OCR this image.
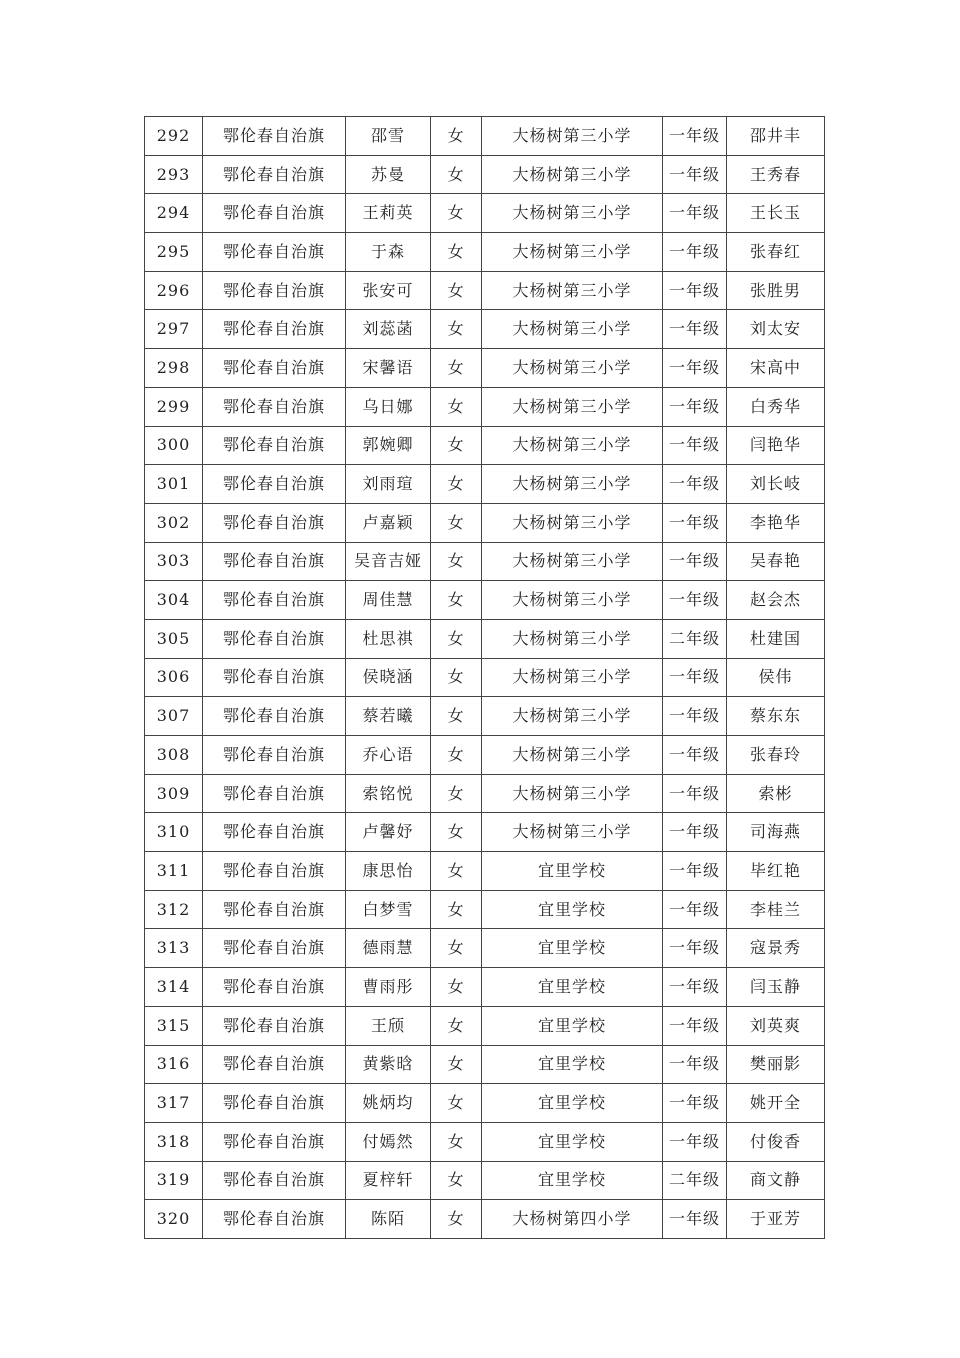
292	鄂伦春自治旗	邵雪	女	大杨树第三小学	一年级	邵井丰
293	鄂伦春自治旗	苏曼	女	大杨树第三小学	一年级	王秀春
294	鄂伦春自治旗	王莉英	女	大杨树第三小学	一年级	王长玉
295	鄂伦春自治旗	于森	女	大杨树第三小学	一年级	张春红
296	鄂伦春自治旗	张安可	女	大杨树第三小学	一年级	张胜男
297	鄂伦春自治旗	刘蕊菡	女	大杨树第三小学	一年级	刘太安
298	鄂伦春自治旗	宋馨语	女	大杨树第三小学	一年级	宋高中
299	鄂伦春自治旗	乌日娜	女	大杨树第三小学	一年级	白秀华
300	鄂伦春自治旗	郭婉卿	女	大杨树第三小学	一年级	闫艳华
301	鄂伦春自治旗	刘雨瑄	女	大杨树第三小学	一年级	刘长岐
302	鄂伦春自治旗	卢嘉颖	女	大杨树第三小学	一年级	李艳华
303	鄂伦春自治旗	吴音吉娅	女	大杨树第三小学	一年级	吴春艳
304	鄂伦春自治旗	周佳慧	女	大杨树第三小学	一年级	赵会杰
305	鄂伦春自治旗	杜思祺	女	大杨树第三小学	二年级	杜建国
306	鄂伦春自治旗	侯晓涵	女	大杨树第三小学	一年级	侯伟
307	鄂伦春自治旗	蔡若曦	女	大杨树第三小学	一年级	蔡东东
308	鄂伦春自治旗	乔心语	女	大杨树第三小学	一年级	张春玲
309	鄂伦春自治旗	索铭悦	女	大杨树第三小学	一年级	索彬
310	鄂伦春自治旗	卢馨妤	女	大杨树第三小学	一年级	司海燕
311	鄂伦春自治旗	康思怡	女	宜里学校	一年级	毕红艳
312	鄂伦春自治旗	白梦雪	女	宜里学校	一年级	李桂兰
313	鄂伦春自治旗	德雨慧	女	宜里学校	一年级	寇景秀
314	鄂伦春自治旗	曹雨彤	女	宜里学校	一年级	闫玉静
315	鄂伦春自治旗	王颀	女	宜里学校	一年级	刘英爽
316	鄂伦春自治旗	黄紫晗	女	宜里学校	一年级	樊丽影
317	鄂伦春自治旗	姚炳均	女	宜里学校	一年级	姚开全
318	鄂伦春自治旗	付嫣然	女	宜里学校	一年级	付俊香
319	鄂伦春自治旗	夏梓轩	女	宜里学校	二年级	商文静
320	鄂伦春自治旗	陈陌	女	大杨树第四小学	一年级	于亚芳
